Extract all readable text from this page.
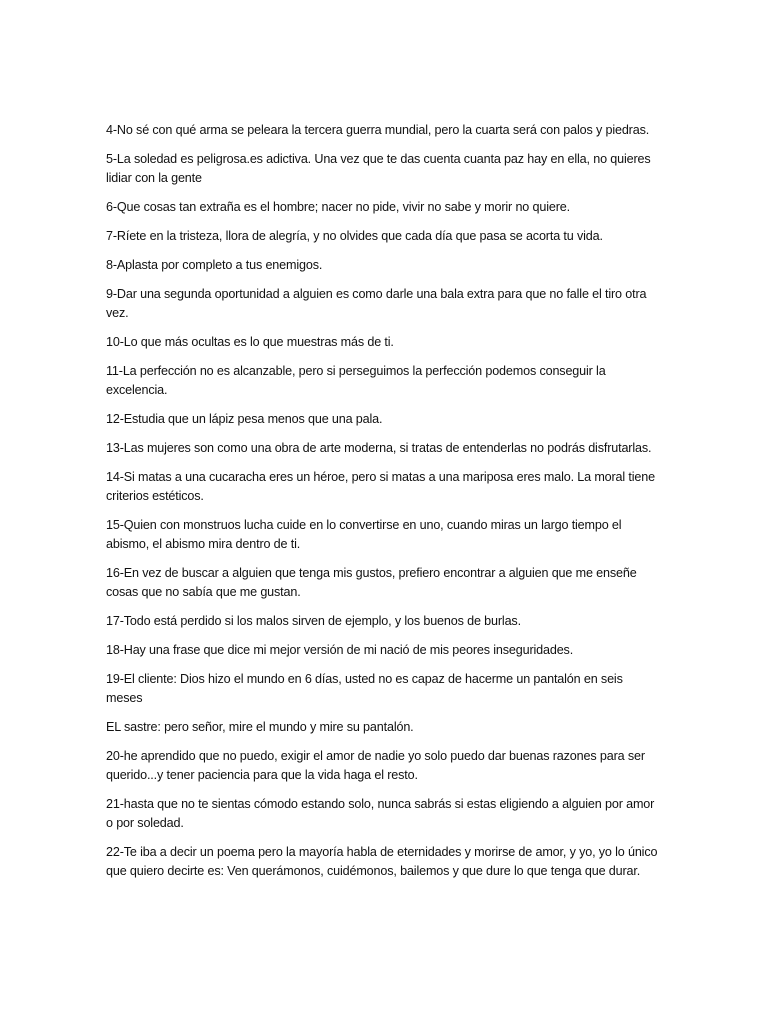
4-No sé con qué arma se peleara la tercera guerra mundial, pero la cuarta será con palos y piedras.

5-La soledad es peligrosa.es adictiva. Una vez que te das cuenta cuanta paz hay en ella, no quieres lidiar con la gente

6-Que cosas tan extraña es el hombre; nacer no pide, vivir no sabe y morir no quiere.

7-Ríete en la tristeza, llora de alegría, y no olvides que cada día que pasa se acorta tu vida.

8-Aplasta por completo a tus enemigos.

9-Dar una segunda oportunidad a alguien es como darle una bala extra para que no falle el tiro otra vez.

10-Lo que más ocultas es lo que muestras más de ti.

11-La perfección no es alcanzable, pero si perseguimos la perfección podemos conseguir la excelencia.

12-Estudia que un lápiz pesa menos que una pala.

13-Las mujeres son como una obra de arte moderna, si tratas de entenderlas no podrás disfrutarlas.

14-Si matas a una cucaracha eres un héroe, pero si matas a una mariposa eres malo. La moral tiene criterios estéticos.

15-Quien con monstruos lucha cuide en lo convertirse en uno, cuando miras un largo tiempo el abismo, el abismo mira dentro de ti.

16-En vez de buscar a alguien que tenga mis gustos, prefiero encontrar a alguien que me enseñe cosas que no sabía que me gustan.

17-Todo está perdido si los malos sirven de ejemplo, y los buenos de burlas.

18-Hay una frase que dice mi mejor versión de mi nació de mis peores inseguridades.

19-El cliente: Dios hizo el mundo en 6 días, usted no es capaz de hacerme un pantalón en seis meses

EL sastre: pero señor, mire el mundo y mire su pantalón.

20-he aprendido que no puedo, exigir el amor de nadie yo solo puedo dar buenas razones para ser querido...y tener paciencia para que la vida haga el resto.

21-hasta que no te sientas cómodo estando solo, nunca sabrás si estas eligiendo a alguien por amor o por soledad.

22-Te iba a decir un poema pero la mayoría habla de eternidades y morirse de amor, y yo, yo lo único que quiero decirte es: Ven querámonos, cuidémonos, bailemos y que dure lo que tenga que durar.
